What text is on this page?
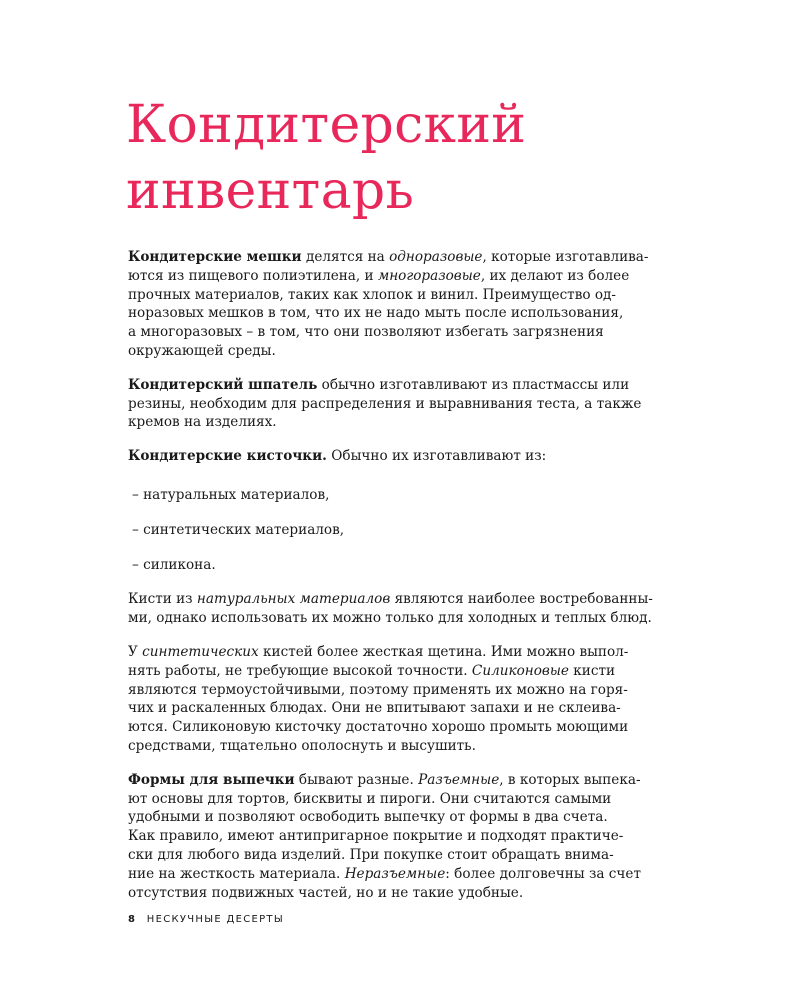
Кондитерский
инвентарь
Кондитерские мешки делятся на одноразовые, которые изготавлива-
ются из пищевого полиэтилена, и многоразовые, их делают из более
прочных материалов, таких как хлопок и винил. Преимущество од-
норазовых мешков в том, что их не надо мыть после использования,
а многоразовых – в том, что они позволяют избегать загрязнения
окружающей среды.
Кондитерский шпатель обычно изготавливают из пластмассы или
резины, необходим для распределения и выравнивания теста, а также
кремов на изделиях.
Кондитерские кисточки. Обычно их изготавливают из:
– натуральных материалов,
– синтетических материалов,
– силикона.
Кисти из натуральных материалов являются наиболее востребованны-
ми, однако использовать их можно только для холодных и теплых блюд.
У синтетических кистей более жесткая щетина. Ими можно выпол-
нять работы, не требующие высокой точности. Силиконовые кисти
являются термоустойчивыми, поэтому применять их можно на горя-
чих и раскаленных блюдах. Они не впитывают запахи и не склеива-
ются. Силиконовую кисточку достаточно хорошо промыть моющими
средствами, тщательно ополоснуть и высушить.
Формы для выпечки бывают разные. Разъемные, в которых выпека-
ют основы для тортов, бисквиты и пироги. Они считаются самыми
удобными и позволяют освободить выпечку от формы в два счета.
Как правило, имеют антипригарное покрытие и подходят практиче-
ски для любого вида изделий. При покупке стоит обращать внима-
ние на жесткость материала. Неразъемные: более долговечны за счет
отсутствия подвижных частей, но и не такие удобные.
8 НЕСКУЧНЫЕ ДЕСЕРТЫ
